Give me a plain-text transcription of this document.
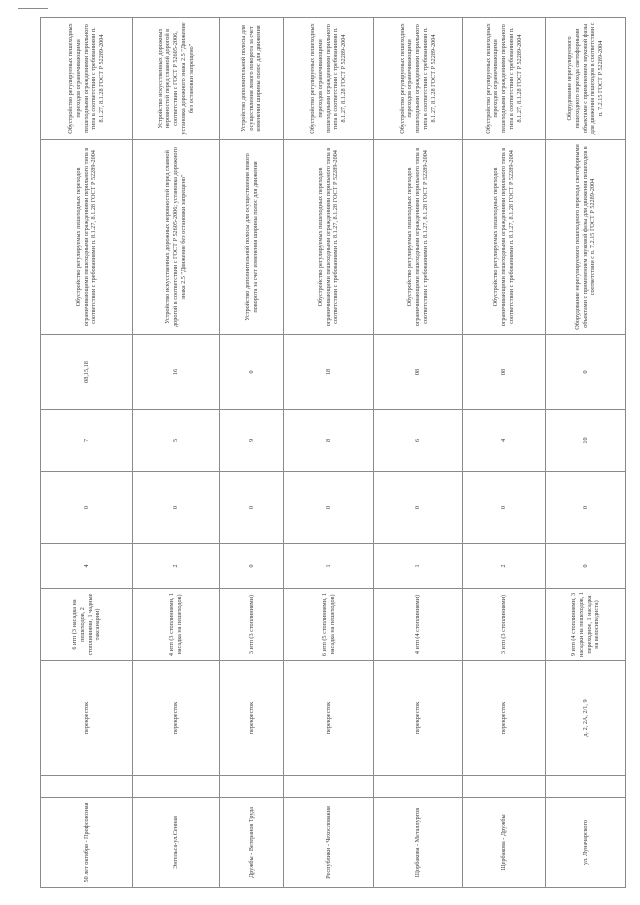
50 лет октября - Профсоюзная		перекресток	6 итп (3 насадка на пешеходов, 2 стоплиниями, 1 чадные таксанарии)	4	0	7	08,15,18	Обустройство регулируемых пешеходных переходов ограничивающими пешеходными ограждениями перильного типа в соответствии с требованиями п. 8.1.27, 8.1.28 ГОСТ Р 52289-2004	Обустройство регулируемых пешеходных переходов ограничивающими пешеходными ограждениями перильного типа в соответствии с требованиями п. 8.1.27, 8.1.28 ГОСТ Р 52289-2004
Энгельса-ул.Сенная		перекресток	4 итп (3 стоплиниями, 1 насадка на пешеходов)	2	0	5	16	Устройство искусственных дорожных неровностей перед главной дорогой в соответствии с ГОСТ Р 52605-2006; установка дорожного знака 2.5 "Движение без остановки запрещено"	Устройство искусственных дорожных неровностей перед главной дорогой в соответствии с ГОСТ Р 52605-2006, установка дорожного знака 2.5 "Движение без остановки запрещено"
Дружбы - Ветеранов Труда		перекресток	3 итп (3 стоплиниями)	0	0	9	0	Устройство дополнительной полосы для осуществления левого поворота за счет изменения ширины полос для движения	Устройство дополнительной полосы для осуществления левого поворота за счет изменения ширины полос для движения
Республики - Чехословакия		перекресток	6 итп (5 стоплиниями, 1 насадка на пешеходов)	1	0	8	18	Обустройство регулируемых пешеходных переходов ограничивающими пешеходными ограждениями перильного типа в соответствии с требованиями п. 8.1.27, 8.1.28 ГОСТ Р 52289-2004	Обустройство регулируемых пешеходных переходов ограничивающими пешеходными ограждениями перильного типа в соответствии с требованиями п. 8.1.27, 8.1.28 ГОСТ Р 52289-2004
Щорбакова - Металлургов		перекресток	4 итп (4 стоплиниями)	1	0	6	08	Обустройство регулируемых пешеходных переходов ограничивающими пешеходными ограждениями перильного типа в соответствии с требованиями п. 8.1.27, 8.1.28 ГОСТ Р 52289-2004	Обустройство регулируемых пешеходных переходов ограничивающими пешеходными ограждениями перильного типа в соответствии с требованиями п. 8.1.27, 8.1.28 ГОСТ Р 52289-2004
Щербакова - Дружбы		перекресток	3 итп (3 стоплиниями)	2	0	4	08	Обустройство регулируемых пешеходных переходов ограничивающими пешеходными ограждениями перильного типа в соответствии с требованиями п. 8.1.27, 8.1.28 ГОСТ Р 52289-2004	Обустройство регулируемых пешеходных переходов ограничивающими пешеходными ограждениями перильного типа в соответствии с требованиями п. 8.1.27, 8.1.28 ГОСТ Р 52289-2004
ул. Луначарского		д. 2, 2А, 2/1, 9	9 итп (4 стоплиниями, 3 насадки на пешеходов, 1 переходное, 1 насадка на велосипедиста)	0	0	10	0	Оборудование нерегулируемого пешеходного перехода светофорными объектами с применением звуковой фазы для движения пешеходов в соответствии с п. 7.2.15 ГОСТ Р 52289-2004	Оборудование нерегулируемого пешеходного перехода светофорными объектами с применением звуковой фазы для движения пешеходов в соответствии с п. 7.2.15 ГОСТ Р 52289-2004
